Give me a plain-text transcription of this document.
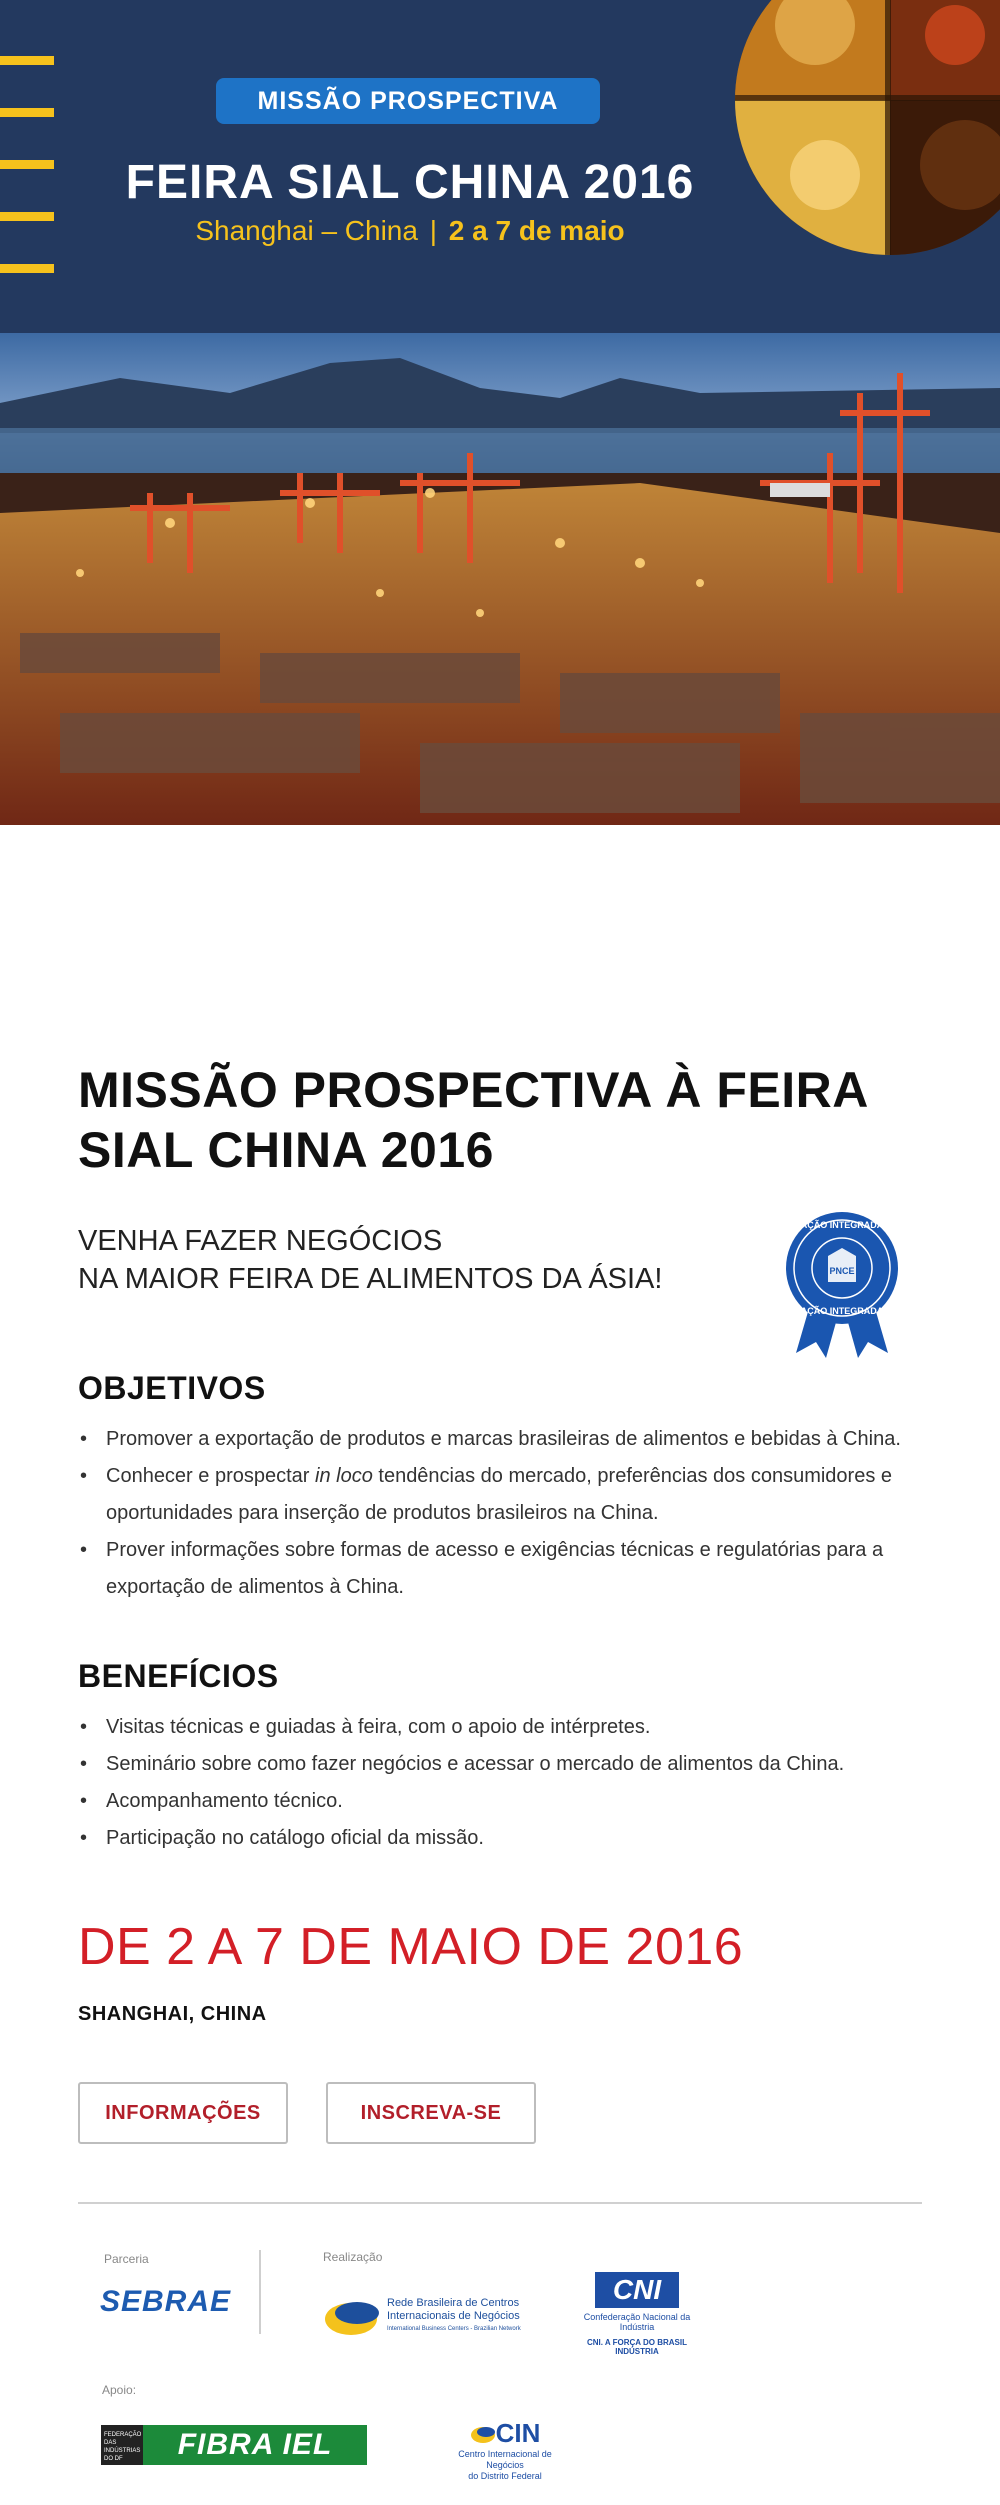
MISSÃO PROSPECTIVA
FEIRA SIAL CHINA 2016
Shanghai – China | 2 a 7 de maio
MISSÃO PROSPECTIVA À FEIRA
SIAL CHINA 2016
VENHA FAZER NEGÓCIOS
NA MAIOR FEIRA DE ALIMENTOS DA ÁSIA!
AÇÃO INTEGRADA
PNCE
AÇÃO INTEGRADA
OBJETIVOS
• Promover a exportação de produtos e marcas brasileiras de alimentos e bebidas à China.
• Conhecer e prospectar in loco tendências do mercado, preferências dos consumidores e oportunidades para inserção de produtos brasileiros na China.
• Prover informações sobre formas de acesso e exigências técnicas e regulatórias para a exportação de alimentos à China.
BENEFÍCIOS
• Visitas técnicas e guiadas à feira, com o apoio de intérpretes.
• Seminário sobre como fazer negócios e acessar o mercado de alimentos da China.
• Acompanhamento técnico.
• Participação no catálogo oficial da missão.
DE 2 A 7 DE MAIO DE 2016
SHANGHAI, CHINA
INFORMAÇÕES	INSCREVA-SE
Parceria	Realização
SEBRAE	Rede Brasileira de Centros
Internacionais de Negócios
International Business Centers - Brazilian Network
CNI
Confederação Nacional da Indústria
CNI. A FORÇA DO BRASIL INDÚSTRIA
Apoio:
FEDERAÇÃO DAS INDÚSTRIAS DO DF	FIBRA IEL	CIN
Centro Internacional de Negócios
do Distrito Federal
